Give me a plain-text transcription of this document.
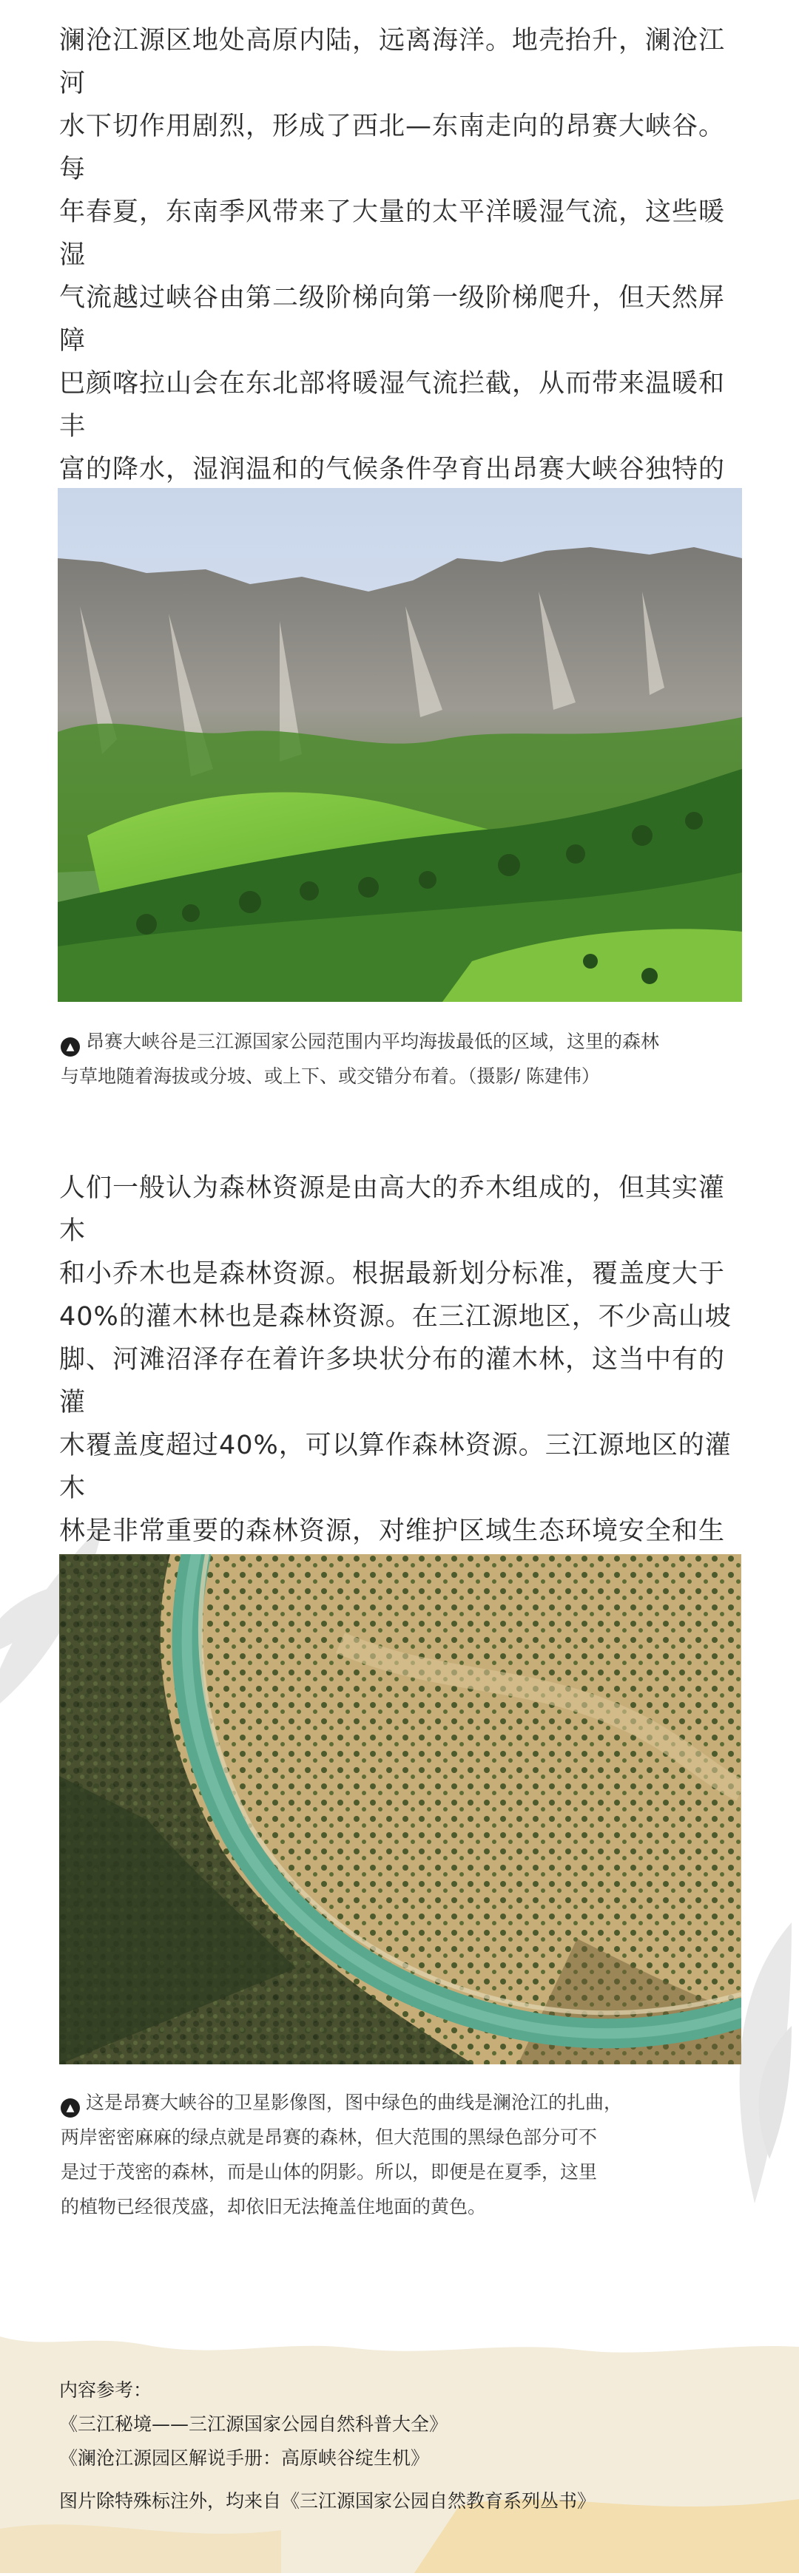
澜沧江源区地处高原内陆，远离海洋。地壳抬升，澜沧江河
水下切作用剧烈，形成了西北—东南走向的昂赛大峡谷。每
年春夏，东南季风带来了大量的太平洋暖湿气流，这些暖湿
气流越过峡谷由第二级阶梯向第一级阶梯爬升，但天然屏障
巴颜喀拉山会在东北部将暖湿气流拦截，从而带来温暖和丰
富的降水，湿润温和的气候条件孕育出昂赛大峡谷独特的

▲ 昂赛大峡谷是三江源国家公园范围内平均海拔最低的区域，这里的森林
与草地随着海拔或分坡、或上下、或交错分布着。（摄影/ 陈建伟）

人们一般认为森林资源是由高大的乔木组成的，但其实灌木
和小乔木也是森林资源。根据最新划分标准，覆盖度大于
40%的灌木林也是森林资源。在三江源地区，不少高山坡
脚、河滩沼泽存在着许多块状分布的灌木林，这当中有的灌
木覆盖度超过40%，可以算作森林资源。三江源地区的灌木
林是非常重要的森林资源，对维护区域生态环境安全和生

▲ 这是昂赛大峡谷的卫星影像图，图中绿色的曲线是澜沧江的扎曲，
两岸密密麻麻的绿点就是昂赛的森林，但大范围的黑绿色部分可不
是过于茂密的森林，而是山体的阴影。所以，即便是在夏季，这里
的植物已经很茂盛，却依旧无法掩盖住地面的黄色。

内容参考：
《三江秘境——三江源国家公园自然科普大全》
《澜沧江源园区解说手册：高原峡谷绽生机》
图片除特殊标注外，均来自《三江源国家公园自然教育系列丛书》
